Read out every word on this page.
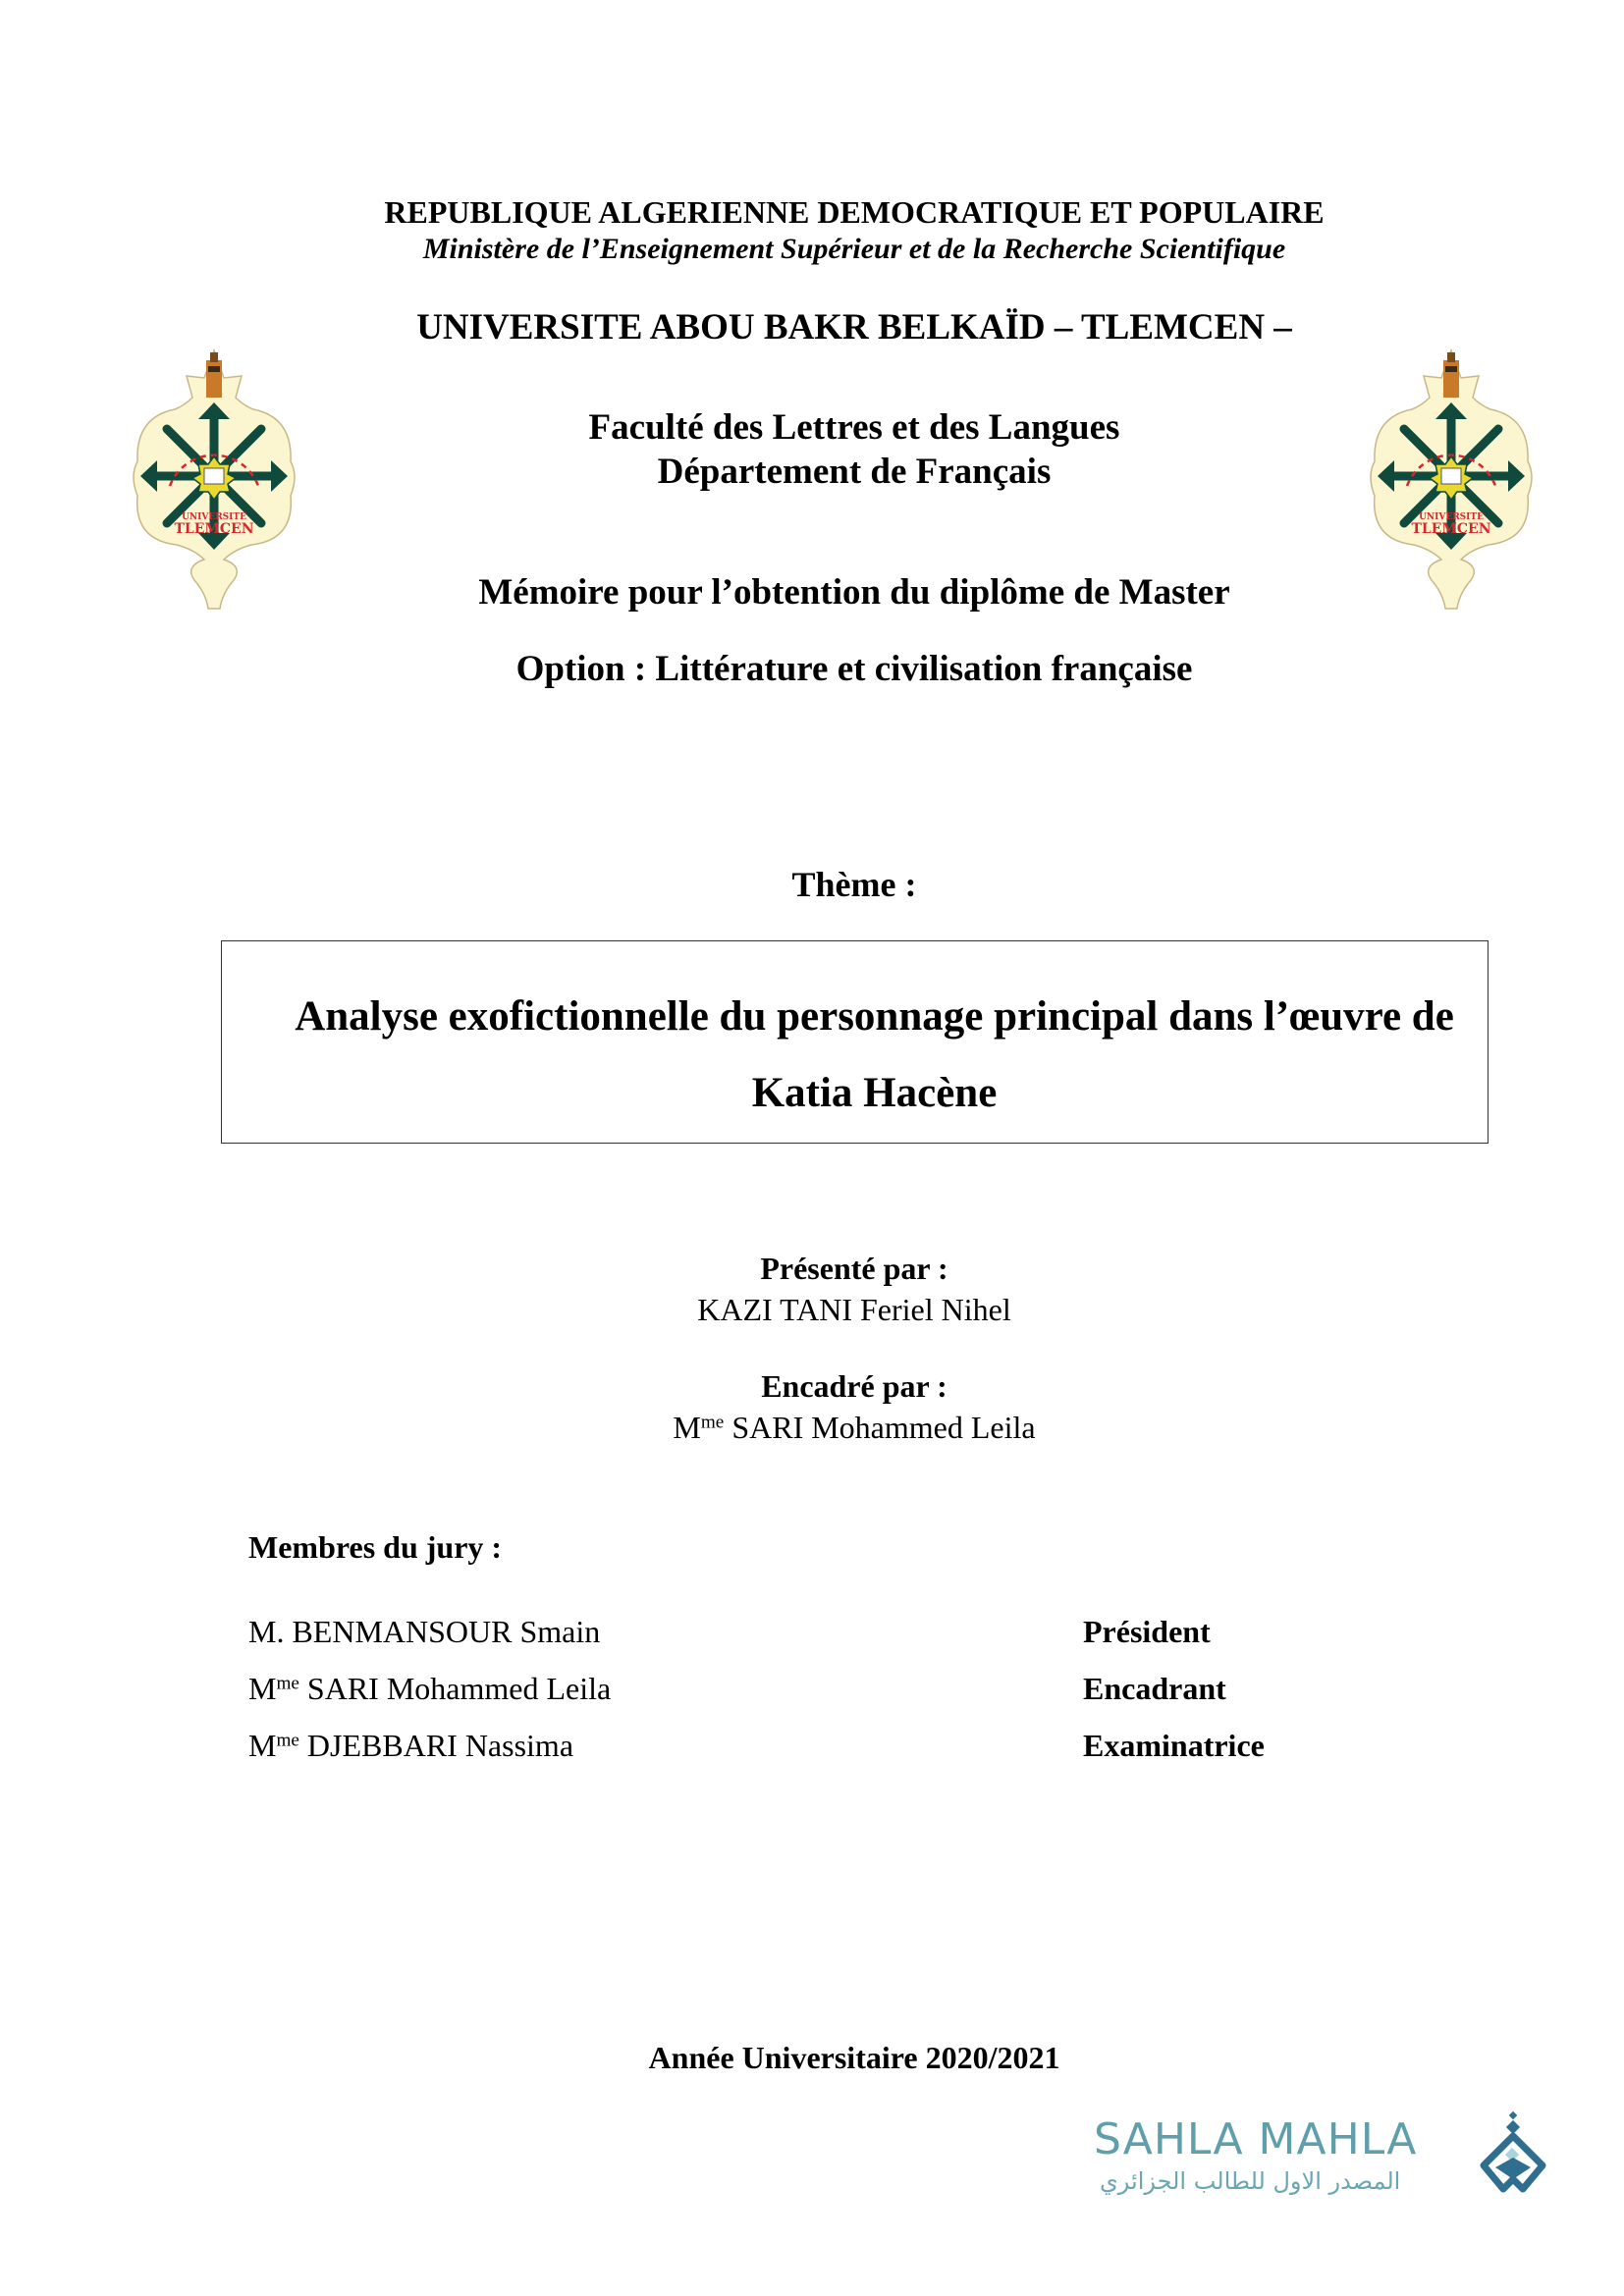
REPUBLIQUE ALGERIENNE DEMOCRATIQUE ET POPULAIRE
Ministère de l’Enseignement Supérieur et de la Recherche Scientifique
UNIVERSITE ABOU BAKR BELKAÏD – TLEMCEN –
Faculté des Lettres et des Langues
Département de Français
UNIVERSITE
TLEMCEN
UNIVERSITE
TLEMCEN
Mémoire pour l’obtention du diplôme de Master
Option : Littérature et civilisation française
Thème :
Analyse exofictionnelle du personnage principal dans l’œuvre de
Katia Hacène
Présenté par :
KAZI TANI Feriel Nihel
Encadré par :
$M^{me}$ SARI Mohammed Leila
Membres du jury :
M. BENMANSOUR Smain	Président
$M^{me}$ SARI Mohammed Leila	Encadrant
$M^{me}$ DJEBBARI Nassima	Examinatrice
Année Universitaire 2020/2021
SAHLA MAHLA
المصدر الاول للطالب الجزائري
